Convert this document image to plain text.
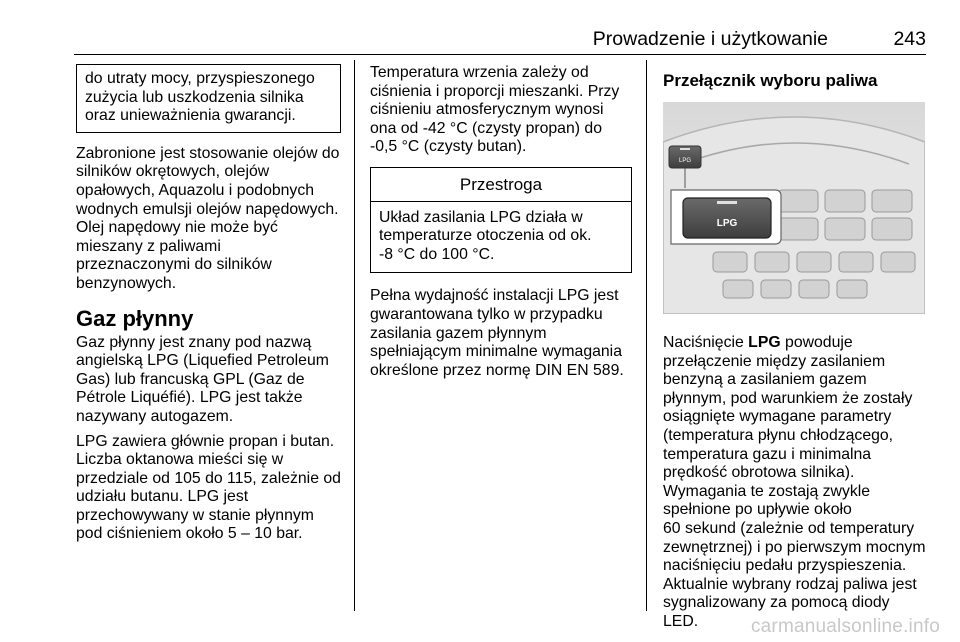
Prowadzenie i użytkowanie	243
do utraty mocy, przyspieszonego
zużycia lub uszkodzenia silnika
oraz unieważnienia gwarancji.

Zabronione jest stosowanie olejów do
silników okrętowych, olejów
opałowych, Aquazolu i podobnych
wodnych emulsji olejów napędowych.
Olej napędowy nie może być
mieszany z paliwami
przeznaczonymi do silników
benzynowych.

Gaz płynny

Gaz płynny jest znany pod nazwą
angielską LPG (Liquefied Petroleum
Gas) lub francuską GPL (Gaz de
Pétrole Liquéfié). LPG jest także
nazywany autogazem.

LPG zawiera głównie propan i butan.
Liczba oktanowa mieści się w
przedziale od 105 do 115, zależnie od
udziału butanu. LPG jest
przechowywany w stanie płynnym
pod ciśnieniem około 5 – 10 bar.

Temperatura wrzenia zależy od
ciśnienia i proporcji mieszanki. Przy
ciśnieniu atmosferycznym wynosi
ona od -42 °C (czysty propan) do
-0,5 °C (czysty butan).

Przestroga
Układ zasilania LPG działa w
temperaturze otoczenia od ok.
-8 °C do 100 °C.

Pełna wydajność instalacji LPG jest
gwarantowana tylko w przypadku
zasilania gazem płynnym
spełniającym minimalne wymagania
określone przez normę DIN EN 589.

Przełącznik wyboru paliwa
LPG
LPG

Naciśnięcie LPG powoduje
przełączenie między zasilaniem
benzyną a zasilaniem gazem
płynnym, pod warunkiem że zostały
osiągnięte wymagane parametry
(temperatura płynu chłodzącego,
temperatura gazu i minimalna
prędkość obrotowa silnika).
Wymagania te zostają zwykle
spełnione po upływie około
60 sekund (zależnie od temperatury
zewnętrznej) i po pierwszym mocnym
naciśnięciu pedału przyspieszenia.
Aktualnie wybrany rodzaj paliwa jest
sygnalizowany za pomocą diody
LED.	carmanualsonline.info
